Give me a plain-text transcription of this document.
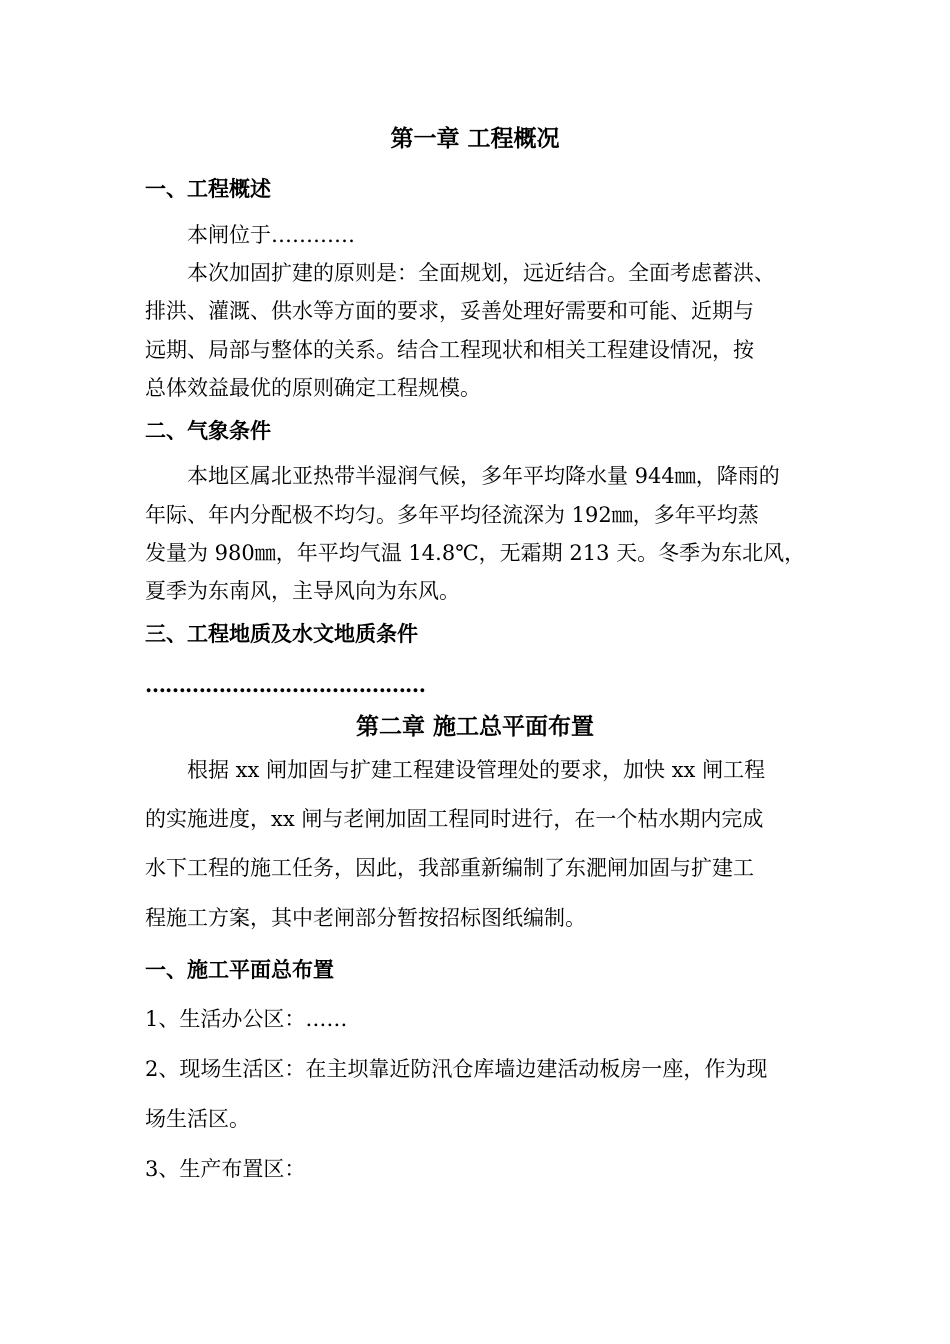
第一章 工程概况
一、工程概述
本闸位于…………
本次加固扩建的原则是：全面规划，远近结合。全面考虑蓄洪、
排洪、灌溉、供水等方面的要求，妥善处理好需要和可能、近期与
远期、局部与整体的关系。结合工程现状和相关工程建设情况，按
总体效益最优的原则确定工程规模。
二、气象条件
本地区属北亚热带半湿润气候，多年平均降水量 944㎜，降雨的
年际、年内分配极不均匀。多年平均径流深为 192㎜，多年平均蒸
发量为 980㎜，年平均气温 14.8℃，无霜期 213 天。冬季为东北风，
夏季为东南风，主导风向为东风。
三、工程地质及水文地质条件
……………………………………
第二章 施工总平面布置
根据 xx 闸加固与扩建工程建设管理处的要求，加快 xx 闸工程
的实施进度，xx 闸与老闸加固工程同时进行，在一个枯水期内完成
水下工程的施工任务，因此，我部重新编制了东淝闸加固与扩建工
程施工方案，其中老闸部分暂按招标图纸编制。
一、施工平面总布置
1、生活办公区：……
2、现场生活区：在主坝靠近防汛仓库墙边建活动板房一座，作为现
场生活区。
3、生产布置区：
